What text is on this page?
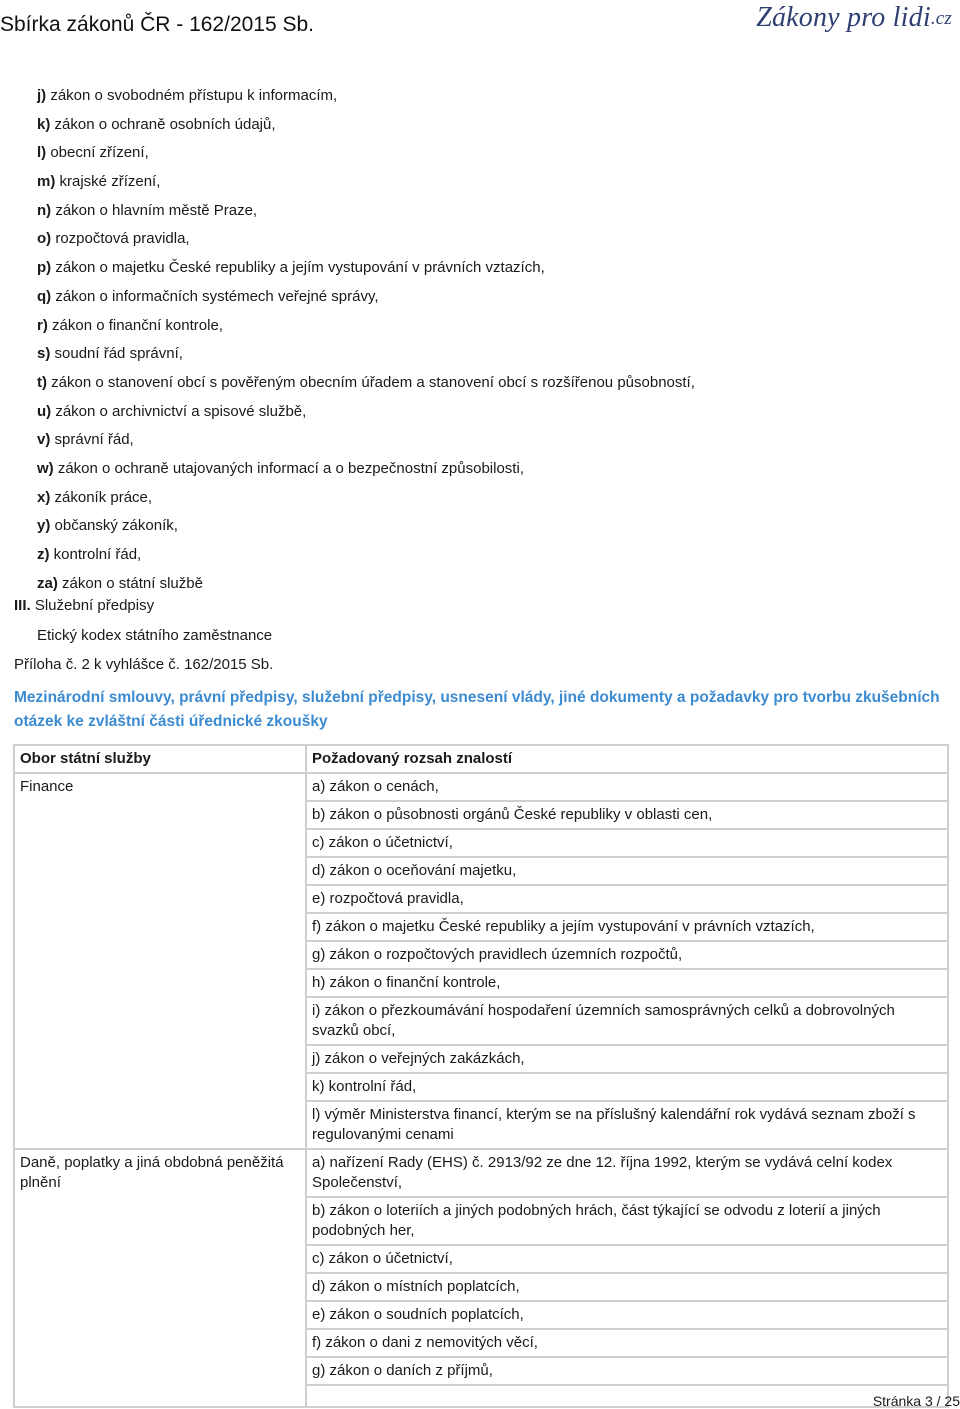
Sbírka zákonů ČR - 162/2015 Sb.	Zákony pro lidi$^{.cz}$
j) zákon o svobodném přístupu k informacím,
k) zákon o ochraně osobních údajů,
l) obecní zřízení,
m) krajské zřízení,
n) zákon o hlavním městě Praze,
o) rozpočtová pravidla,
p) zákon o majetku České republiky a jejím vystupování v právních vztazích,
q) zákon o informačních systémech veřejné správy,
r) zákon o finanční kontrole,
s) soudní řád správní,
t) zákon o stanovení obcí s pověřeným obecním úřadem a stanovení obcí s rozšířenou působností,
u) zákon o archivnictví a spisové službě,
v) správní řád,
w) zákon o ochraně utajovaných informací a o bezpečnostní způsobilosti,
x) zákoník práce,
y) občanský zákoník,
z) kontrolní řád,
za) zákon o státní službě
III. Služební předpisy
Etický kodex státního zaměstnance
Příloha č. 2 k vyhlášce č. 162/2015 Sb.
Mezinárodní smlouvy, právní předpisy, služební předpisy, usnesení vlády, jiné dokumenty a požadavky pro tvorbu zkušebních otázek ke zvláštní části úřednické zkoušky
Obor státní služby	Požadovaný rozsah znalostí
Finance	a) zákon o cenách,
	b) zákon o působnosti orgánů České republiky v oblasti cen,
	c) zákon o účetnictví,
	d) zákon o oceňování majetku,
	e) rozpočtová pravidla,
	f) zákon o majetku České republiky a jejím vystupování v právních vztazích,
	g) zákon o rozpočtových pravidlech územních rozpočtů,
	h) zákon o finanční kontrole,
	i) zákon o přezkoumávání hospodaření územních samosprávných celků a dobrovolných svazků obcí,
	j) zákon o veřejných zakázkách,
	k) kontrolní řád,
	l) výměr Ministerstva financí, kterým se na příslušný kalendářní rok vydává seznam zboží s regulovanými cenami
Daně, poplatky a jiná obdobná peněžitá plnění	a) nařízení Rady (EHS) č. 2913/92 ze dne 12. října 1992, kterým se vydává celní kodex Společenství,
	b) zákon o loteriích a jiných podobných hrách, část týkající se odvodu z loterií a jiných podobných her,
	c) zákon o účetnictví,
	d) zákon o místních poplatcích,
	e) zákon o soudních poplatcích,
	f) zákon o dani z nemovitých věcí,
	g) zákon o daních z příjmů,

Stránka 3 / 25
